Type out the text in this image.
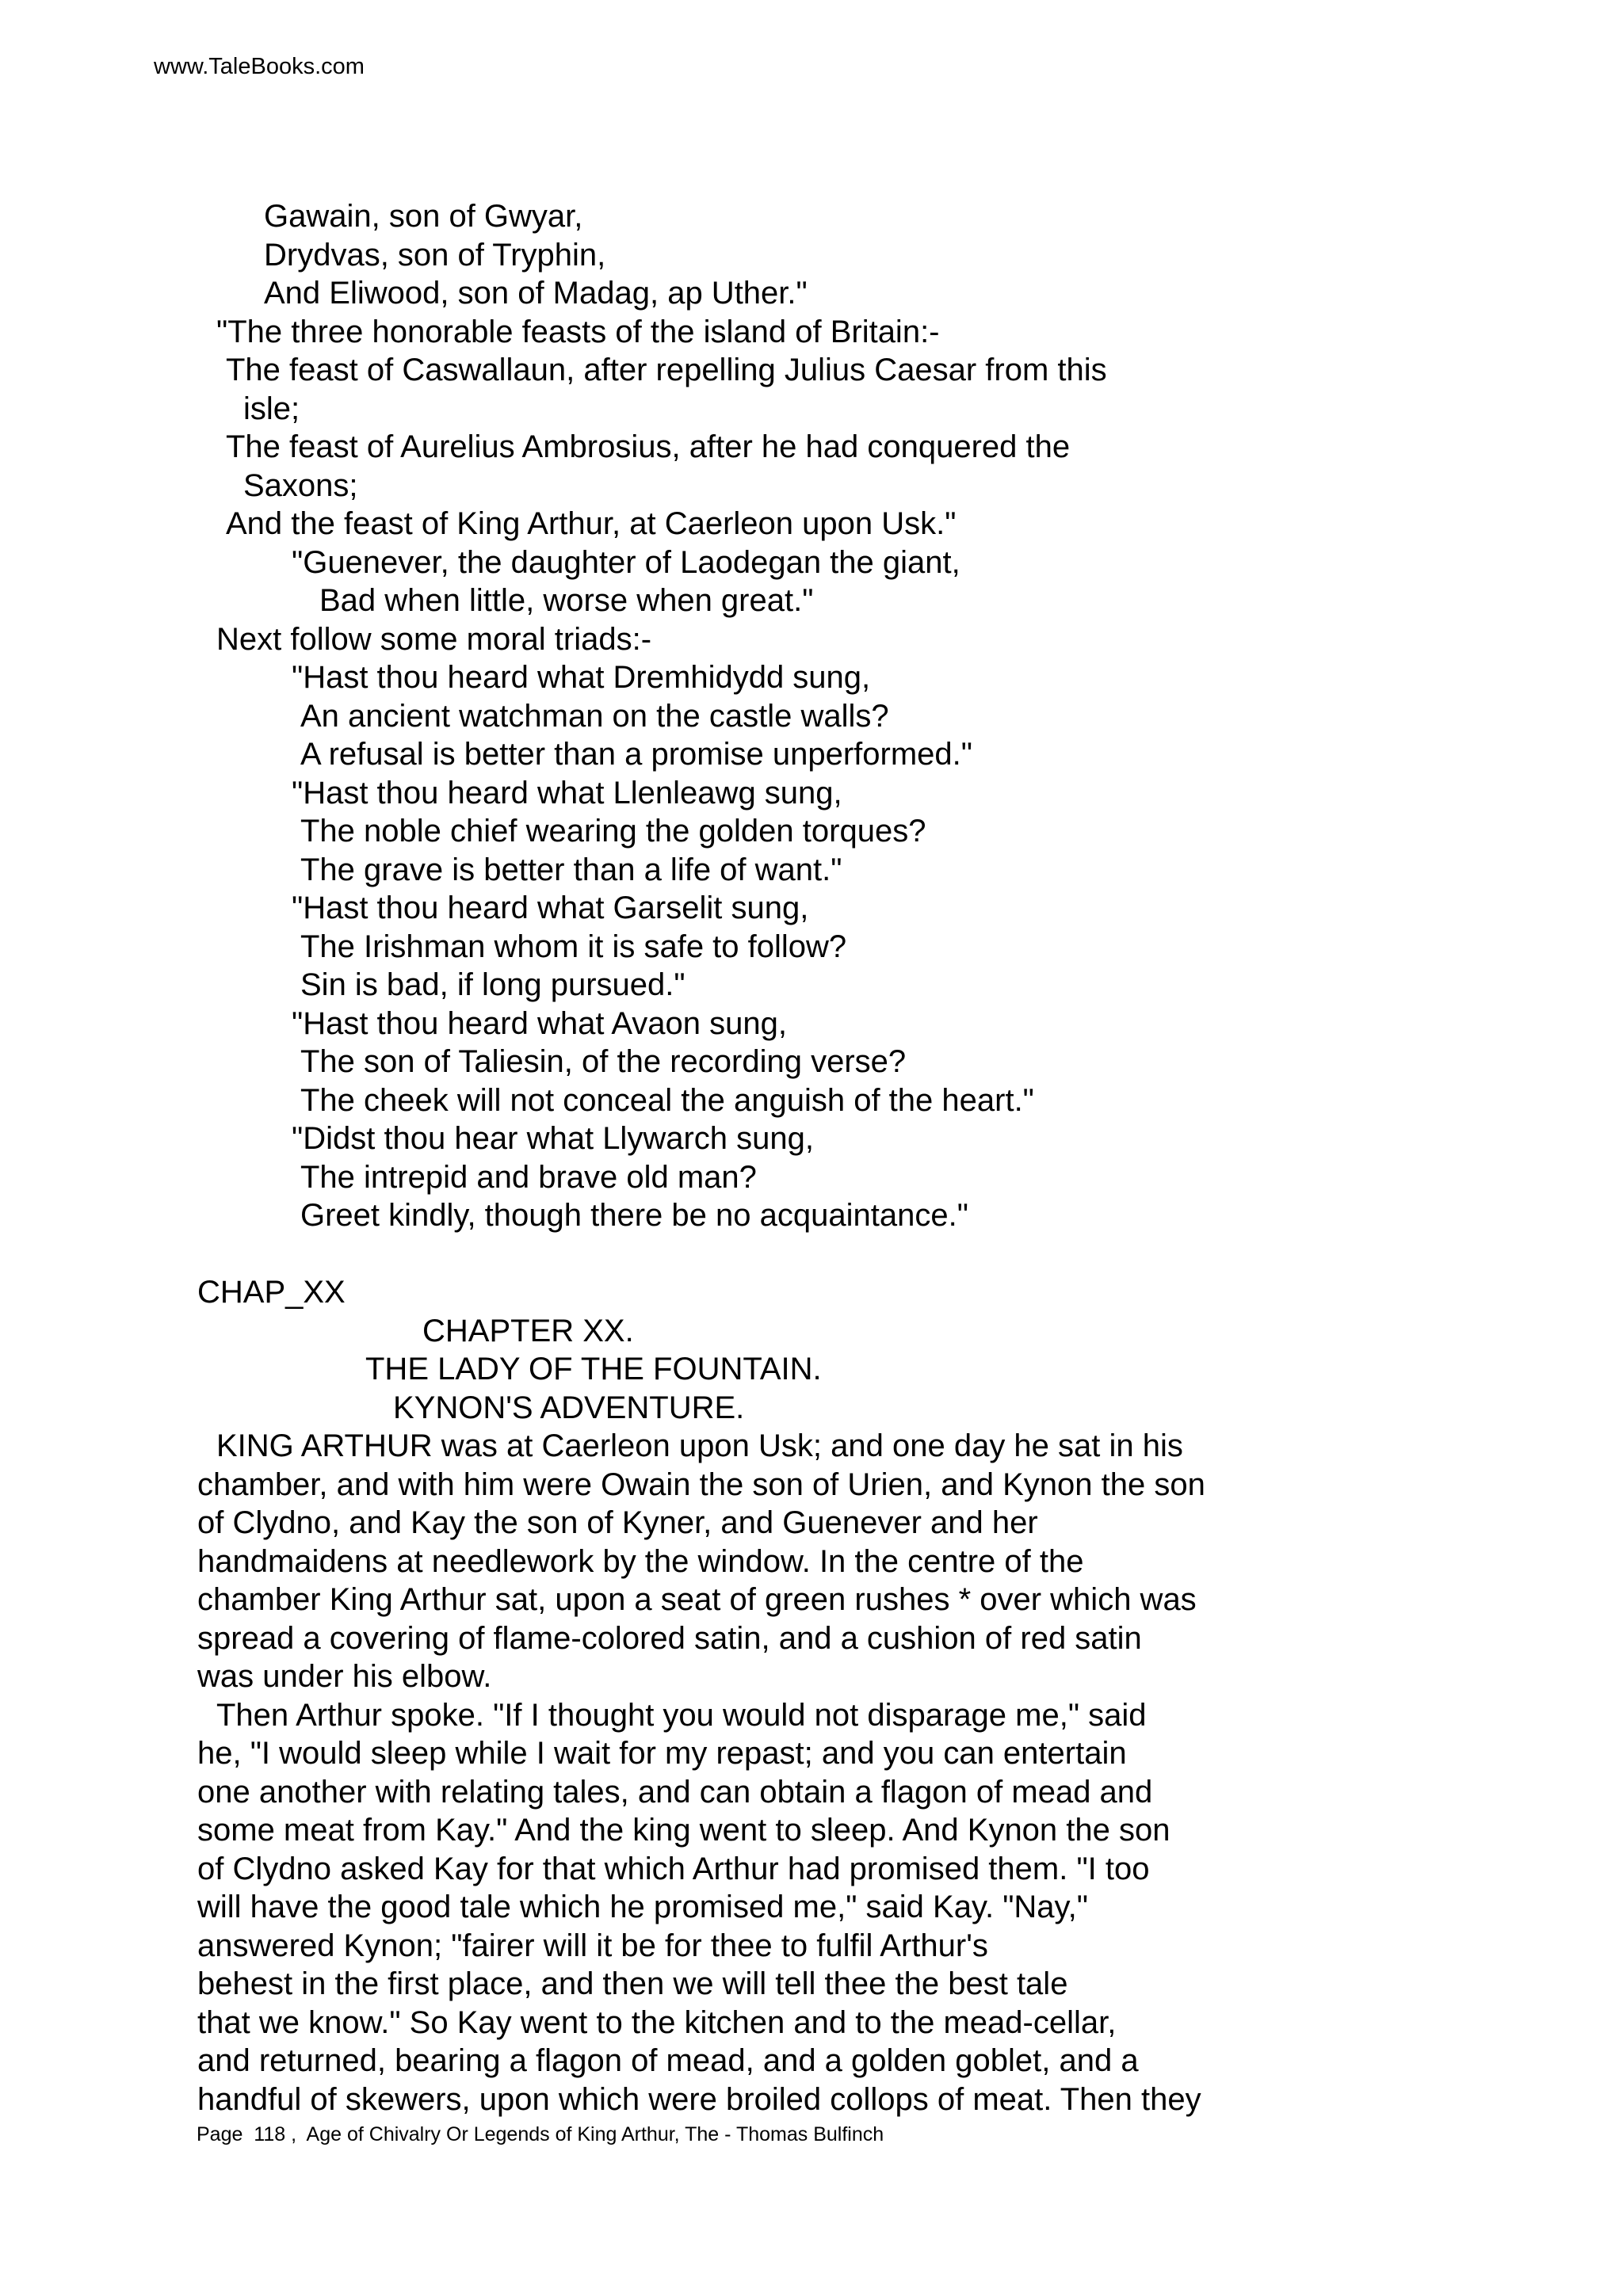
www.TaleBooks.com
Gawain, son of Gwyar,
Drydvas, son of Tryphin,
And Eliwood, son of Madag, ap Uther."
"The three honorable feasts of the island of Britain:-
The feast of Caswallaun, after repelling Julius Caesar from this
isle;
The feast of Aurelius Ambrosius, after he had conquered the
Saxons;
And the feast of King Arthur, at Caerleon upon Usk."
"Guenever, the daughter of Laodegan the giant,
Bad when little, worse when great."
Next follow some moral triads:-
"Hast thou heard what Dremhidydd sung,
An ancient watchman on the castle walls?
A refusal is better than a promise unperformed."
"Hast thou heard what Llenleawg sung,
The noble chief wearing the golden torques?
The grave is better than a life of want."
"Hast thou heard what Garselit sung,
The Irishman whom it is safe to follow?
Sin is bad, if long pursued."
"Hast thou heard what Avaon sung,
The son of Taliesin, of the recording verse?
The cheek will not conceal the anguish of the heart."
"Didst thou hear what Llywarch sung,
The intrepid and brave old man?
Greet kindly, though there be no acquaintance."
CHAP_XX
CHAPTER XX.
THE LADY OF THE FOUNTAIN.
KYNON'S ADVENTURE.
KING ARTHUR was at Caerleon upon Usk; and one day he sat in his
chamber, and with him were Owain the son of Urien, and Kynon the son
of Clydno, and Kay the son of Kyner, and Guenever and her
handmaidens at needlework by the window. In the centre of the
chamber King Arthur sat, upon a seat of green rushes * over which was
spread a covering of flame-colored satin, and a cushion of red satin
was under his elbow.
Then Arthur spoke. "If I thought you would not disparage me," said
he, "I would sleep while I wait for my repast; and you can entertain
one another with relating tales, and can obtain a flagon of mead and
some meat from Kay." And the king went to sleep. And Kynon the son
of Clydno asked Kay for that which Arthur had promised them. "I too
will have the good tale which he promised me," said Kay. "Nay,"
answered Kynon; "fairer will it be for thee to fulfil Arthur's
behest in the first place, and then we will tell thee the best tale
that we know." So Kay went to the kitchen and to the mead-cellar,
and returned, bearing a flagon of mead, and a golden goblet, and a
handful of skewers, upon which were broiled collops of meat. Then they
Page  118 ,  Age of Chivalry Or Legends of King Arthur, The - Thomas Bulfinch
